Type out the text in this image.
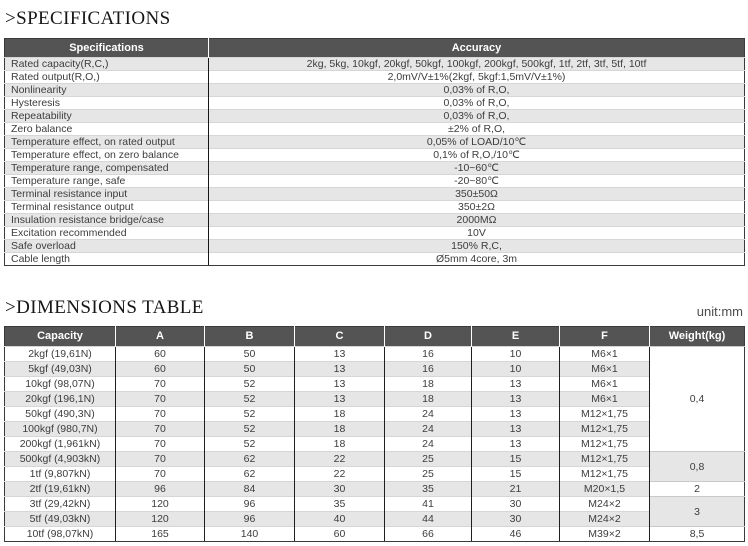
>SPECIFICATIONS
Specifications	Accuracy
Rated capacity(R,C,)	2kg, 5kg, 10kgf, 20kgf, 50kgf, 100kgf, 200kgf, 500kgf, 1tf, 2tf, 3tf, 5tf, 10tf
Rated output(R,O,)	2,0mV/V±1%(2kgf, 5kgf:1,5mV/V±1%)
Nonlinearity	0,03% of R,O,
Hysteresis	0,03% of R,O,
Repeatability	0,03% of R,O,
Zero balance	±2% of R,O,
Temperature effect, on rated output	0,05% of LOAD/10℃
Temperature effect, on zero balance	0,1% of R,O,/10℃
Temperature range, compensated	-10~60℃
Temperature range, safe	-20~80℃
Terminal resistance input	350±50Ω
Terminal resistance output	350±2Ω
Insulation resistance bridge/case	2000MΩ
Excitation recommended	10V
Safe overload	150% R,C,
Cable length	Ø5mm 4core, 3m
>DIMENSIONS TABLE	unit:mm
Capacity	A	B	C	D	E	F	Weight(kg)
2kgf (19,61N)	60	50	13	16	10	M6×1	0,4
5kgf (49,03N)	60	50	13	16	10	M6×1	
10kgf (98,07N)	70	52	13	18	13	M6×1	
20kgf (196,1N)	70	52	13	18	13	M6×1	
50kgf (490,3N)	70	52	18	24	13	M12×1,75	
100kgf (980,7N)	70	52	18	24	13	M12×1,75	
200kgf (1,961kN)	70	52	18	24	13	M12×1,75	
500kgf (4,903kN)	70	62	22	25	15	M12×1,75	0,8
1tf (9,807kN)	70	62	22	25	15	M12×1,75	
2tf (19,61kN)	96	84	30	35	21	M20×1,5	2
3tf (29,42kN)	120	96	35	41	30	M24×2	3
5tf (49,03kN)	120	96	40	44	30	M24×2	
10tf (98,07kN)	165	140	60	66	46	M39×2	8,5
